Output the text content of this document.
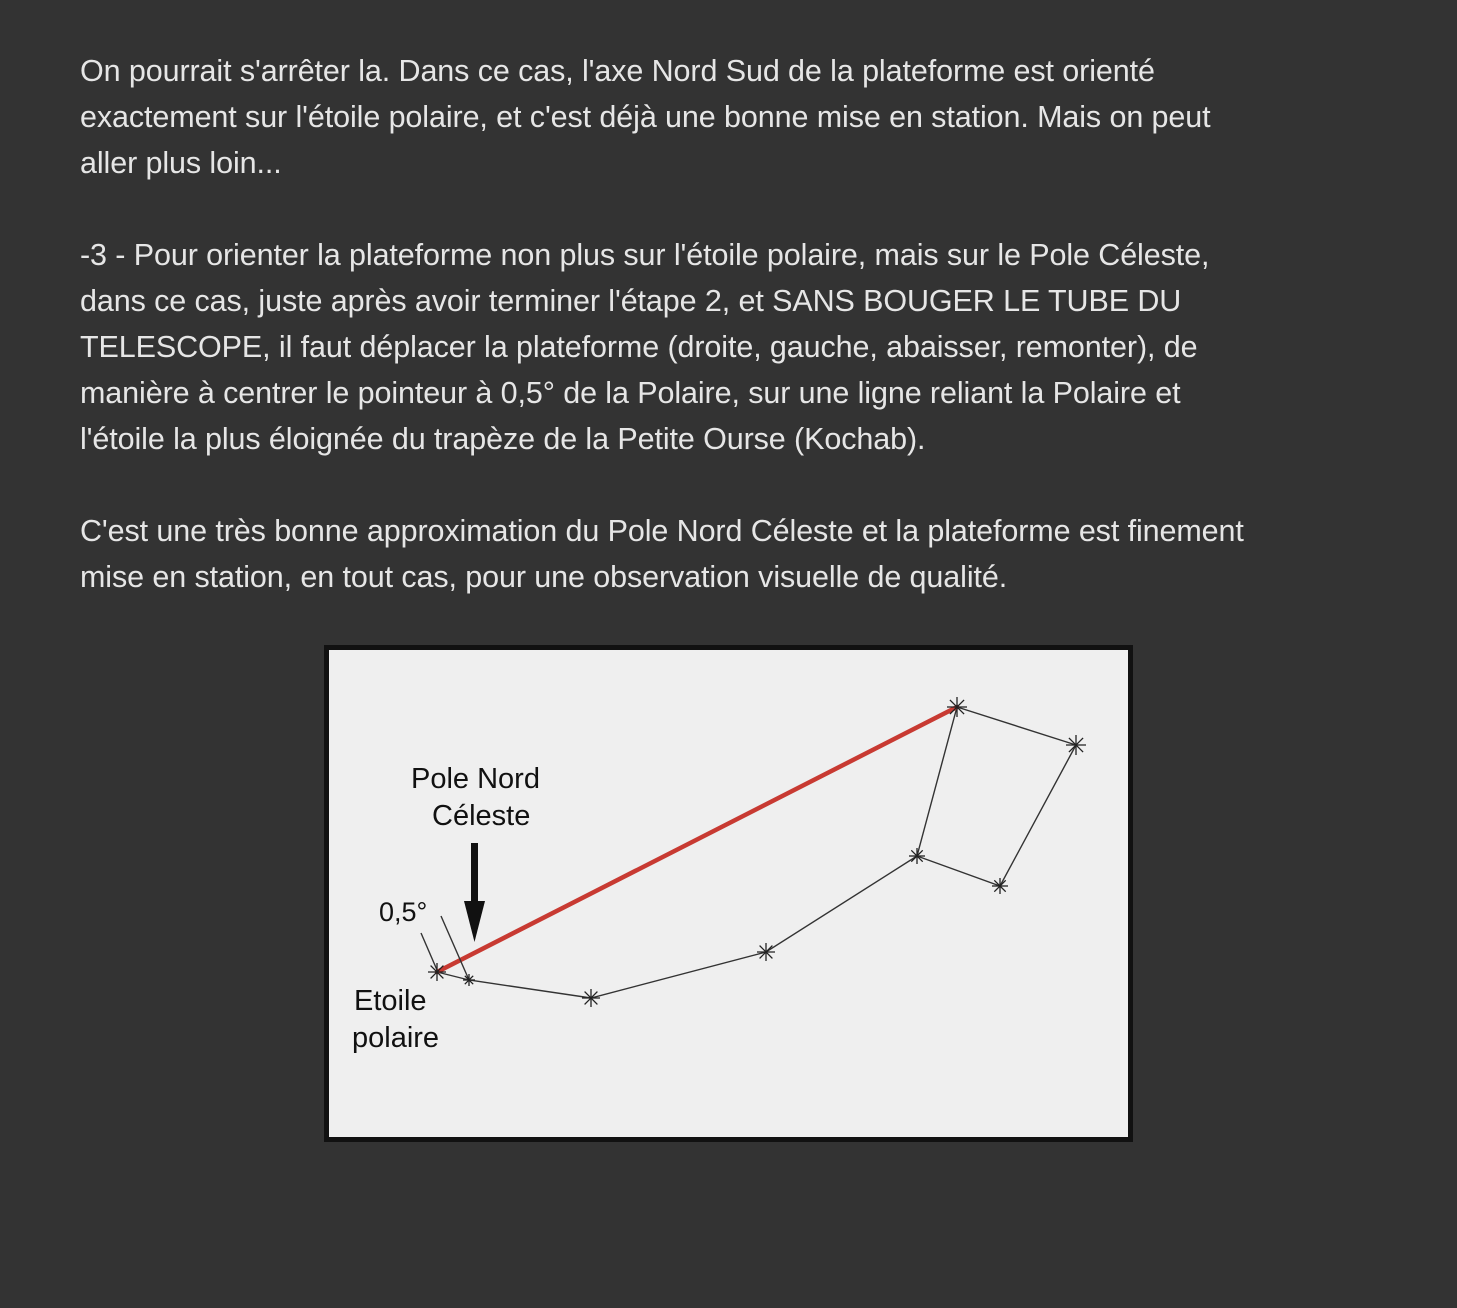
On pourrait s'arrêter la. Dans ce cas, l'axe Nord Sud de la plateforme est orienté
exactement sur l'étoile polaire, et c'est déjà une bonne mise en station. Mais on peut
aller plus loin...

-3 - Pour orienter la plateforme non plus sur l'étoile polaire, mais sur le Pole Céleste,
dans ce cas, juste après avoir terminer l'étape 2, et SANS BOUGER LE TUBE DU
TELESCOPE, il faut déplacer la plateforme (droite, gauche, abaisser, remonter), de
manière à centrer le pointeur à 0,5° de la Polaire, sur une ligne reliant la Polaire et
l'étoile la plus éloignée du trapèze de la Petite Ourse (Kochab).

C'est une très bonne approximation du Pole Nord Céleste et la plateforme est finement
mise en station, en tout cas, pour une observation visuelle de qualité.

Pole Nord
Céleste
0,5°
Etoile
polaire
